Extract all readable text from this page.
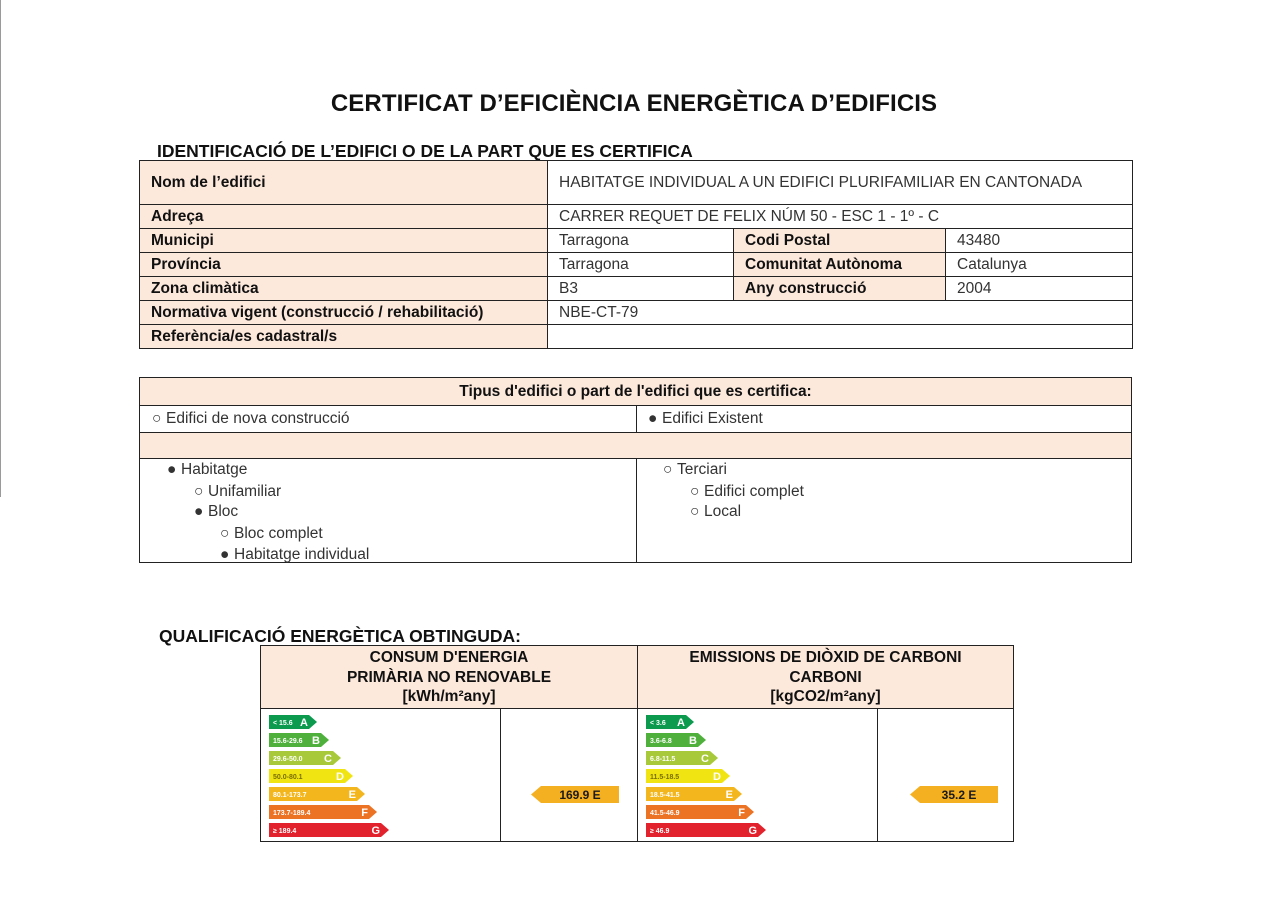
CERTIFICAT D’EFICIÈNCIA ENERGÈTICA D’EDIFICIS
IDENTIFICACIÓ DE L’EDIFICI O DE LA PART QUE ES CERTIFICA
Nom de l’edifici	HABITATGE INDIVIDUAL A UN EDIFICI PLURIFAMILIAR EN CANTONADA		
Adreça	CARRER REQUET DE FELIX NÚM 50 - ESC 1 - 1º - C		
Municipi	Tarragona	Codi Postal	43480
Província	Tarragona	Comunitat Autònoma	Catalunya
Zona climàtica	B3	Any construcció	2004
Normativa vigent (construcció / rehabilitació)	NBE-CT-79		
Referència/es cadastral/s			
Tipus d'edifici o part de l'edifici que es certifica:
○ Edifici de nova construcció	● Edifici Existent
● Habitatge
○ Unifamiliar
● Bloc
○ Bloc complet
● Habitatge individual
○ Terciari
○ Edifici complet
○ Local
QUALIFICACIÓ ENERGÈTICA OBTINGUDA:
CONSUM D'ENERGIA
PRIMÀRIA NO RENOVABLE
[kWh/m²any]
EMISSIONS DE DIÒXID DE CARBONI
CARBONI
[kgCO2/m²any]
< 15.6 A
15.6-29.6 B
29.6-50.0 C
50.0-80.1	D
80.1-173.7	E
173.7-189.4	F
≥ 189.4	G
169.9 E
< 3.6 A
3.6-6.8 B
6.8-11.5 C
11.5-18.5	D
18.5-41.5	E
41.5-46.9	F
≥ 46.9	G
35.2 E
